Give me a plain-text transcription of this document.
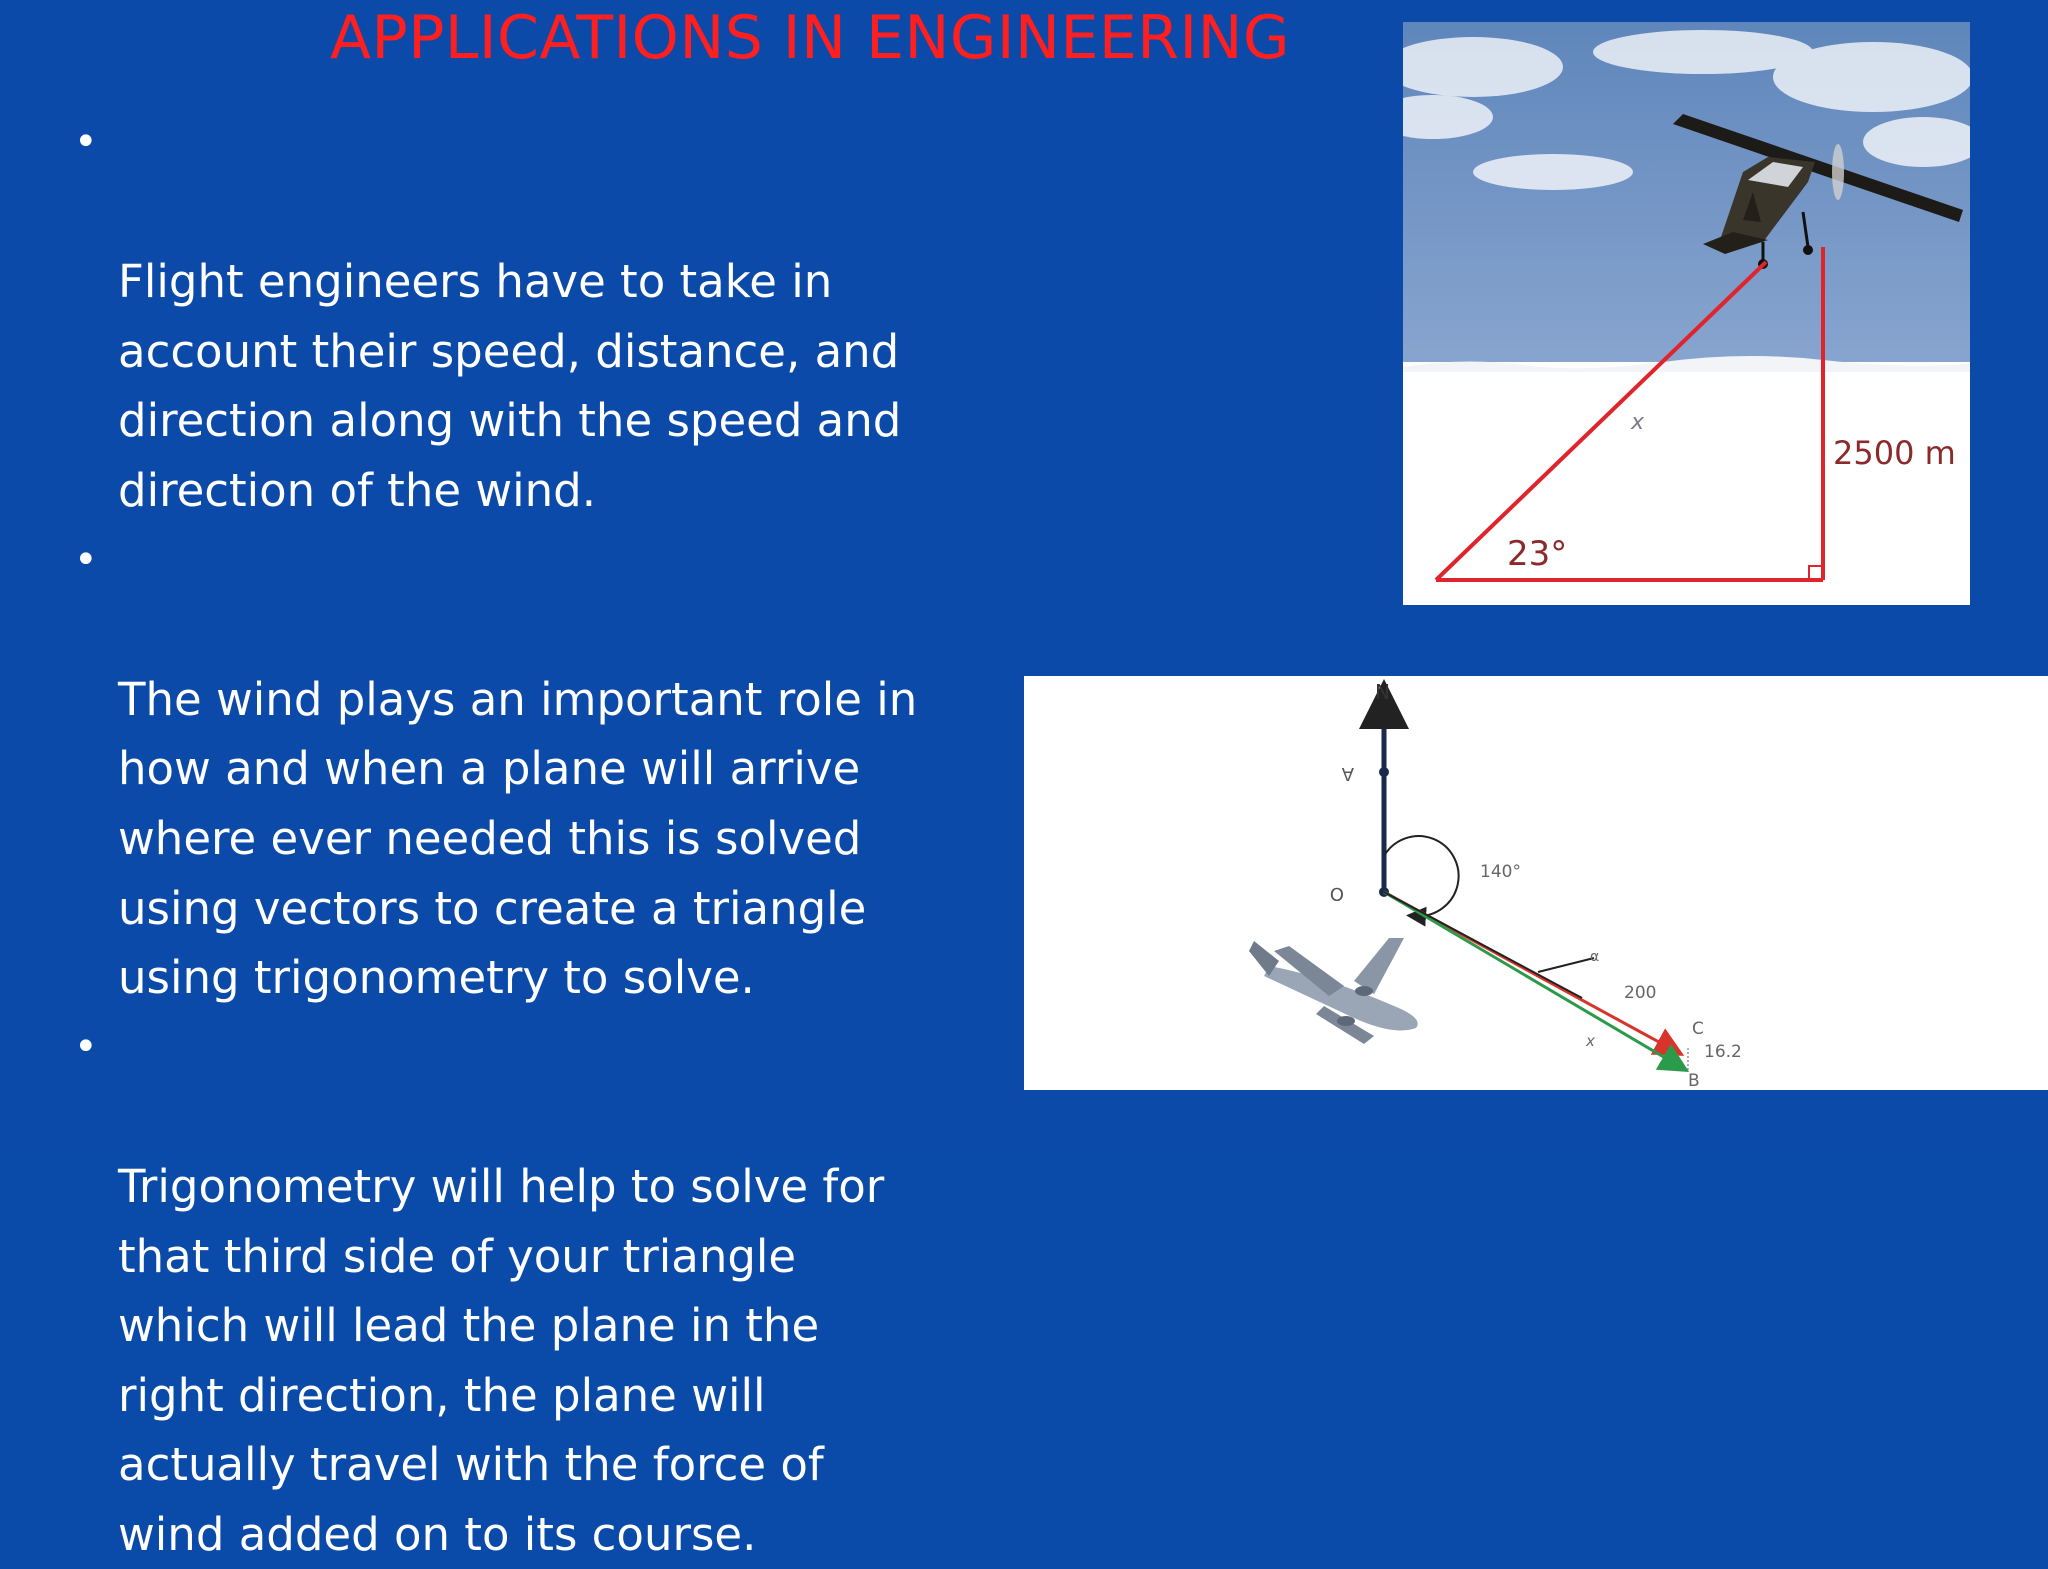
APPLICATIONS IN ENGINEERING

•

Flight engineers have to take in
account their speed, distance, and
direction along with the speed and
direction of the wind.

•

The wind plays an important role in
how and when a plane will arrive
where ever needed this is solved
using vectors to create a triangle
using trigonometry to solve.

•

Trigonometry will help to solve for
that third side of your triangle
which will lead the plane in the
right direction, the plane will
actually travel with the force of
wind added on to its course.

23°
x
2500 m
N
A
O
140°
α
200
C
x
16.2
B
